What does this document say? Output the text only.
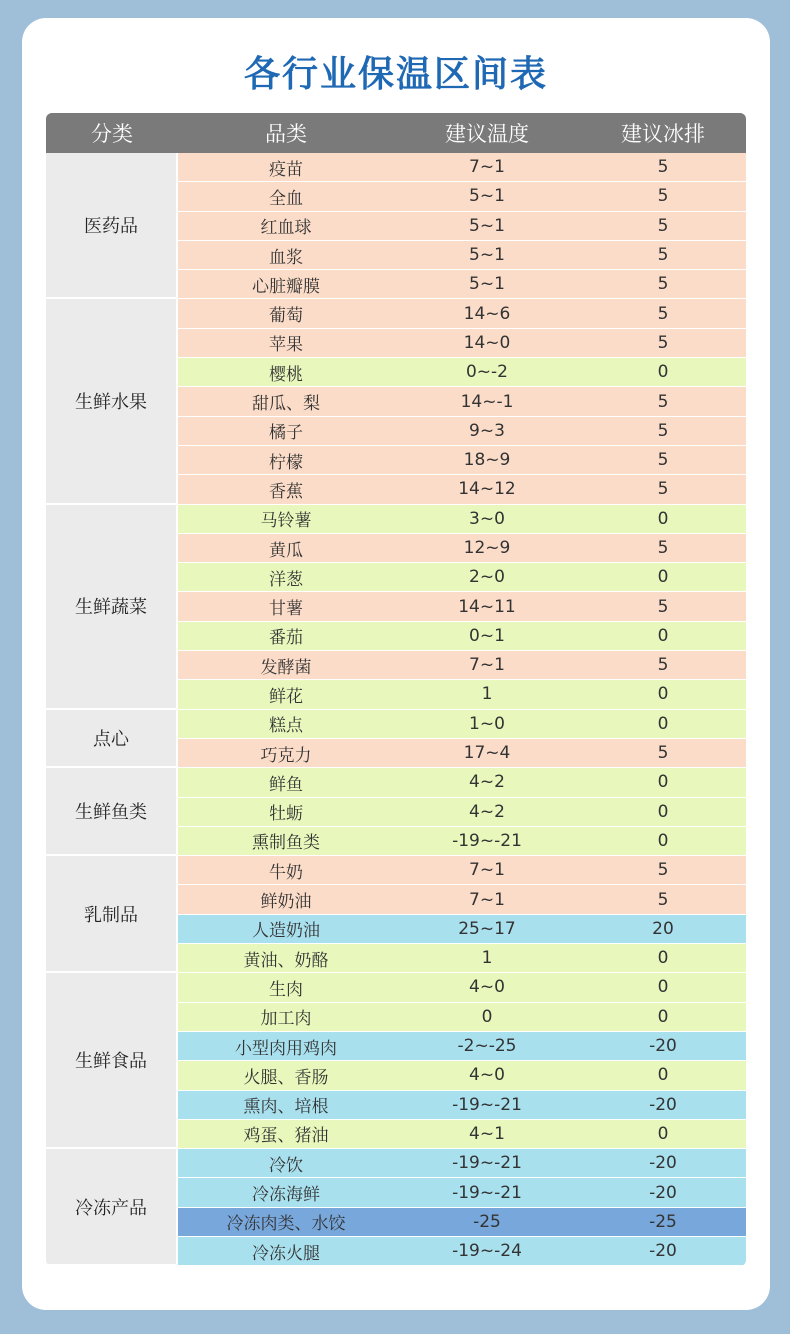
各行业保温区间表
分类	品类	建议温度	建议冰排
医药品	疫苗	7~1	5
	全血	5~1	5
	红血球	5~1	5
	血浆	5~1	5
	心脏瓣膜	5~1	5
生鲜水果	葡萄	14~6	5
	苹果	14~0	5
	樱桃	0~-2	0
	甜瓜、梨	14~-1	5
	橘子	9~3	5
	柠檬	18~9	5
	香蕉	14~12	5
生鲜蔬菜	马铃薯	3~0	0
	黄瓜	12~9	5
	洋葱	2~0	0
	甘薯	14~11	5
	番茄	0~1	0
	发酵菌	7~1	5
	鲜花	1	0
点心	糕点	1~0	0
	巧克力	17~4	5
生鲜鱼类	鲜鱼	4~2	0
	牡蛎	4~2	0
	熏制鱼类	-19~-21	0
乳制品	牛奶	7~1	5
	鲜奶油	7~1	5
	人造奶油	25~17	20
	黄油、奶酪	1	0
生鲜食品	生肉	4~0	0
	加工肉	0	0
	小型肉用鸡肉	-2~-25	-20
	火腿、香肠	4~0	0
	熏肉、培根	-19~-21	-20
	鸡蛋、猪油	4~1	0
冷冻产品	冷饮	-19~-21	-20
	冷冻海鲜	-19~-21	-20
	冷冻肉类、水饺	-25	-25
	冷冻火腿	-19~-24	-20
